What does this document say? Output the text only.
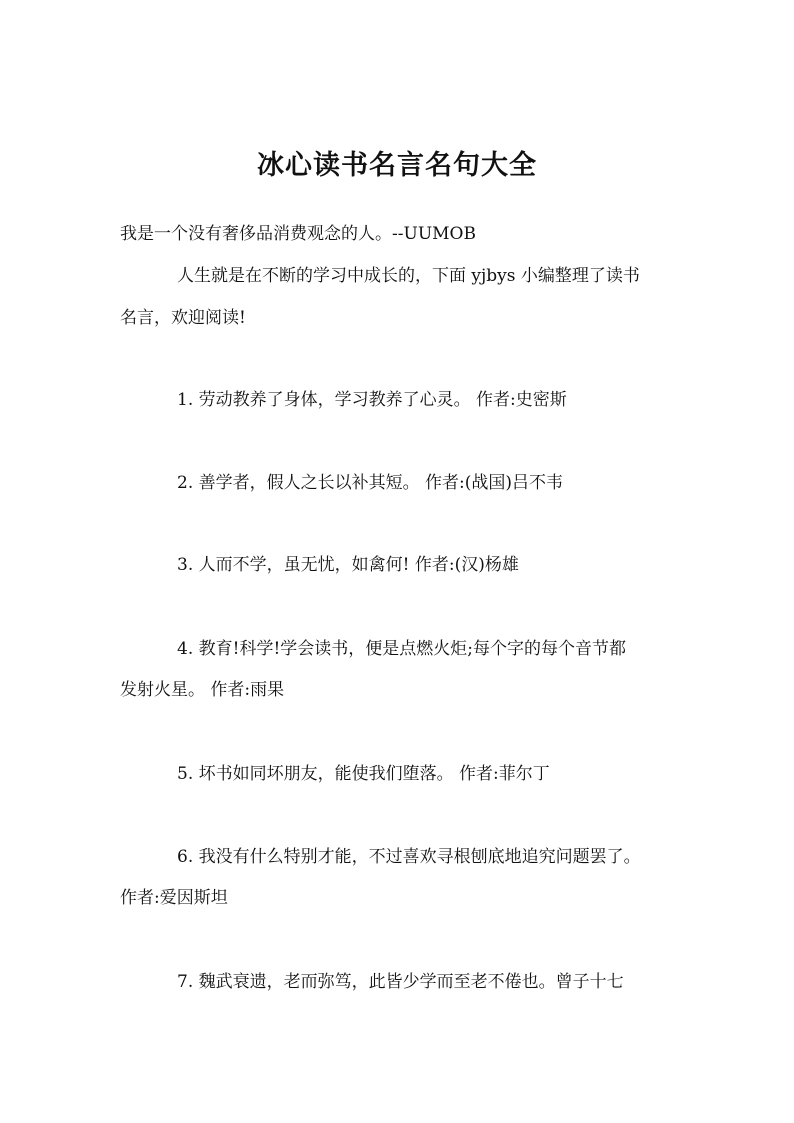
冰心读书名言名句大全
我是一个没有奢侈品消费观念的人。--UUMOB
人生就是在不断的学习中成长的，下面 yjbys 小编整理了读书
名言，欢迎阅读!
1. 劳动教养了身体，学习教养了心灵。 作者:史密斯
2. 善学者，假人之长以补其短。 作者:(战国)吕不韦
3. 人而不学，虽无忧，如禽何! 作者:(汉)杨雄
4. 教育!科学!学会读书，便是点燃火炬;每个字的每个音节都
发射火星。 作者:雨果
5. 坏书如同坏朋友，能使我们堕落。 作者:菲尔丁
6. 我没有什么特别才能，不过喜欢寻根刨底地追究问题罢了。
作者:爱因斯坦
7. 魏武衰遗，老而弥笃，此皆少学而至老不倦也。曾子十七
